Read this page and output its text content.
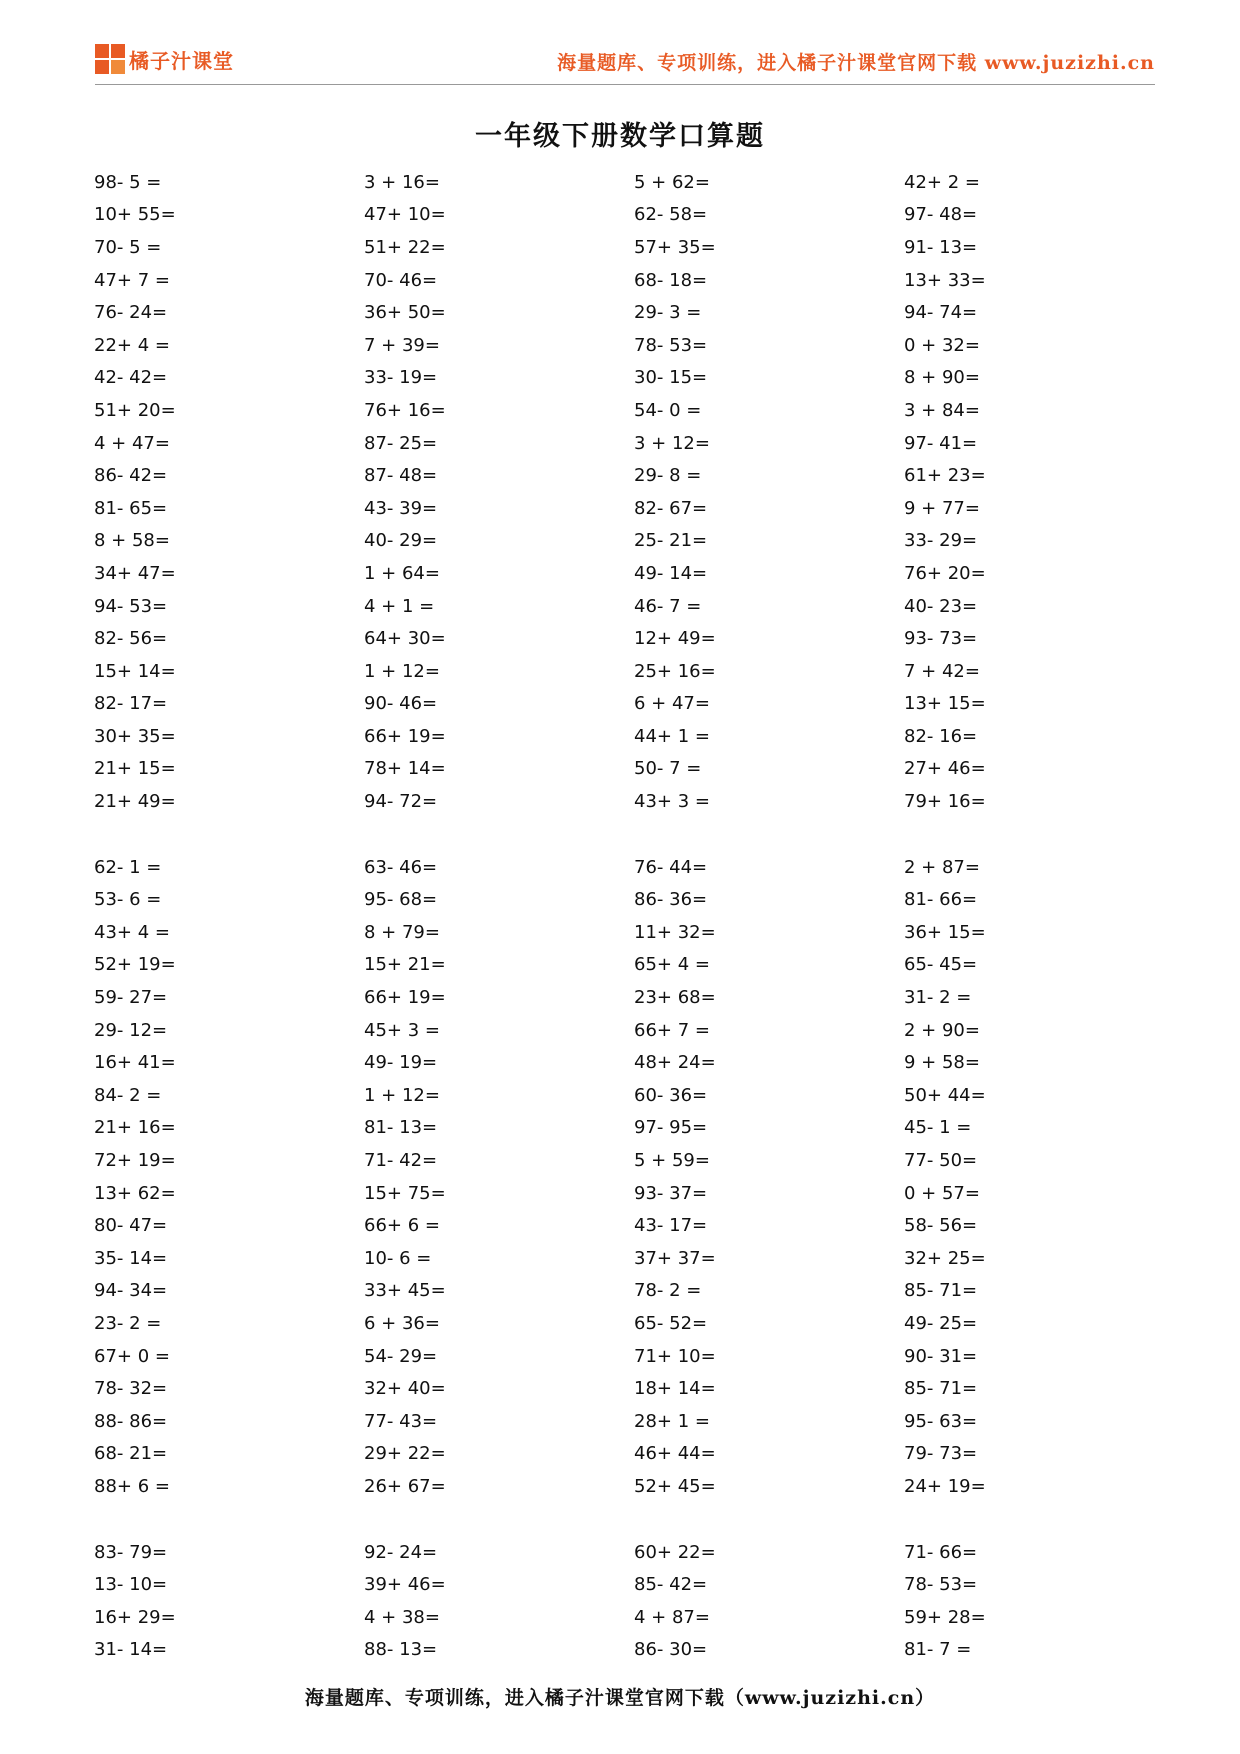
橘子汁课堂	海量题库、专项训练，进入橘子汁课堂官网下载 www.juzizhi.cn
一年级下册数学口算题
98- 5 =	3 + 16=	5 + 62=	42+ 2 =
10+ 55=	47+ 10=	62- 58=	97- 48=
70- 5 =	51+ 22=	57+ 35=	91- 13=
47+ 7 =	70- 46=	68- 18=	13+ 33=
76- 24=	36+ 50=	29- 3 =	94- 74=
22+ 4 =	7 + 39=	78- 53=	0 + 32=
42- 42=	33- 19=	30- 15=	8 + 90=
51+ 20=	76+ 16=	54- 0 =	3 + 84=
4 + 47=	87- 25=	3 + 12=	97- 41=
86- 42=	87- 48=	29- 8 =	61+ 23=
81- 65=	43- 39=	82- 67=	9 + 77=
8 + 58=	40- 29=	25- 21=	33- 29=
34+ 47=	1 + 64=	49- 14=	76+ 20=
94- 53=	4 + 1 =	46- 7 =	40- 23=
82- 56=	64+ 30=	12+ 49=	93- 73=
15+ 14=	1 + 12=	25+ 16=	7 + 42=
82- 17=	90- 46=	6 + 47=	13+ 15=
30+ 35=	66+ 19=	44+ 1 =	82- 16=
21+ 15=	78+ 14=	50- 7 =	27+ 46=
21+ 49=	94- 72=	43+ 3 =	79+ 16=
62- 1 =	63- 46=	76- 44=	2 + 87=
53- 6 =	95- 68=	86- 36=	81- 66=
43+ 4 =	8 + 79=	11+ 32=	36+ 15=
52+ 19=	15+ 21=	65+ 4 =	65- 45=
59- 27=	66+ 19=	23+ 68=	31- 2 =
29- 12=	45+ 3 =	66+ 7 =	2 + 90=
16+ 41=	49- 19=	48+ 24=	9 + 58=
84- 2 =	1 + 12=	60- 36=	50+ 44=
21+ 16=	81- 13=	97- 95=	45- 1 =
72+ 19=	71- 42=	5 + 59=	77- 50=
13+ 62=	15+ 75=	93- 37=	0 + 57=
80- 47=	66+ 6 =	43- 17=	58- 56=
35- 14=	10- 6 =	37+ 37=	32+ 25=
94- 34=	33+ 45=	78- 2 =	85- 71=
23- 2 =	6 + 36=	65- 52=	49- 25=
67+ 0 =	54- 29=	71+ 10=	90- 31=
78- 32=	32+ 40=	18+ 14=	85- 71=
88- 86=	77- 43=	28+ 1 =	95- 63=
68- 21=	29+ 22=	46+ 44=	79- 73=
88+ 6 =	26+ 67=	52+ 45=	24+ 19=
83- 79=	92- 24=	60+ 22=	71- 66=
13- 10=	39+ 46=	85- 42=	78- 53=
16+ 29=	4 + 38=	4 + 87=	59+ 28=
31- 14=	88- 13=	86- 30=	81- 7 =
海量题库、专项训练，进入橘子汁课堂官网下载（www.juzizhi.cn）
